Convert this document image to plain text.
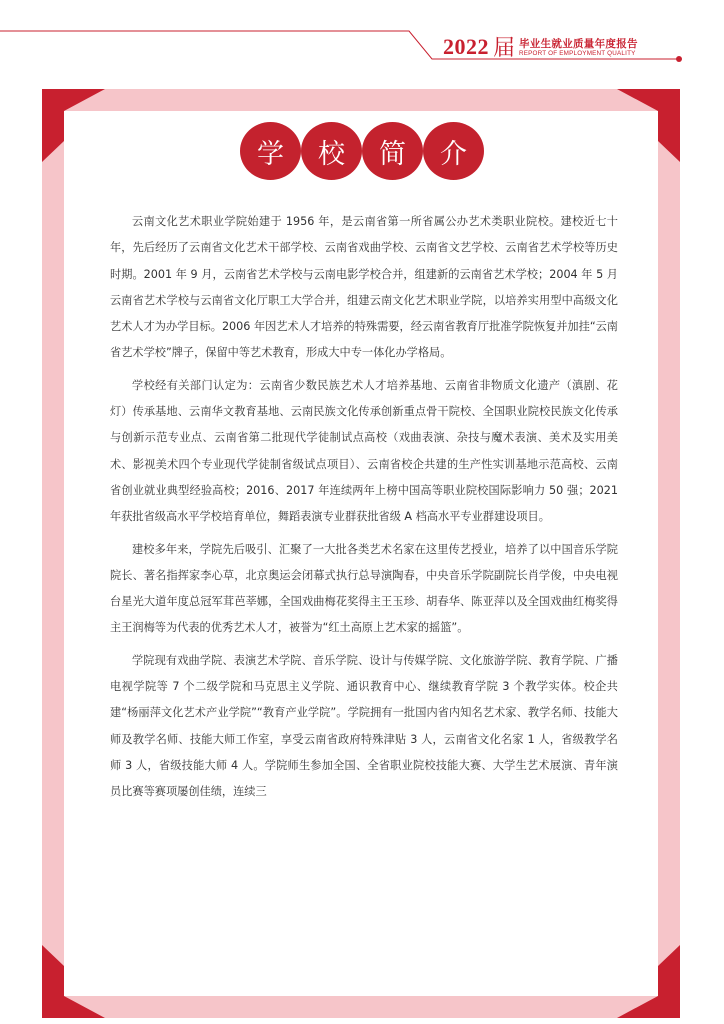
2022 届 毕业生就业质量年度报告
REPORT OF EMPLOYMENT QUALITY
学	校	简	介

云南文化艺术职业学院始建于 1956 年，是云南省第一所省属公办艺术类职业院校。建校近七十年，先后经历了云南省文化艺术干部学校、云南省戏曲学校、云南省文艺学校、云南省艺术学校等历史时期。2001 年 9 月，云南省艺术学校与云南电影学校合并，组建新的云南省艺术学校；2004 年 5 月云南省艺术学校与云南省文化厅职工大学合并，组建云南文化艺术职业学院，以培养实用型中高级文化艺术人才为办学目标。2006 年因艺术人才培养的特殊需要，经云南省教育厅批准学院恢复并加挂“云南省艺术学校”牌子，保留中等艺术教育，形成大中专一体化办学格局。

学校经有关部门认定为：云南省少数民族艺术人才培养基地、云南省非物质文化遗产（滇剧、花灯）传承基地、云南华文教育基地、云南民族文化传承创新重点骨干院校、全国职业院校民族文化传承与创新示范专业点、云南省第二批现代学徒制试点高校（戏曲表演、杂技与魔术表演、美术及实用美术、影视美术四个专业现代学徒制省级试点项目）、云南省校企共建的生产性实训基地示范高校、云南省创业就业典型经验高校；2016、2017 年连续两年上榜中国高等职业院校国际影响力 50 强；2021 年获批省级高水平学校培育单位，舞蹈表演专业群获批省级 A 档高水平专业群建设项目。

建校多年来，学院先后吸引、汇聚了一大批各类艺术名家在这里传艺授业，培养了以中国音乐学院院长、著名指挥家李心草，北京奥运会闭幕式执行总导演陶春，中央音乐学院副院长肖学俊，中央电视台星光大道年度总冠军茸芭莘娜，全国戏曲梅花奖得主王玉珍、胡春华、陈亚萍以及全国戏曲红梅奖得主王润梅等为代表的优秀艺术人才，被誉为“红土高原上艺术家的摇篮”。

学院现有戏曲学院、表演艺术学院、音乐学院、设计与传媒学院、文化旅游学院、教育学院、广播电视学院等 7 个二级学院和马克思主义学院、通识教育中心、继续教育学院 3 个教学实体。校企共建“杨丽萍文化艺术产业学院”“教育产业学院”。学院拥有一批国内省内知名艺术家、教学名师、技能大师及教学名师、技能大师工作室，享受云南省政府特殊津贴 3 人，云南省文化名家 1 人，省级教学名师 3 人，省级技能大师 4 人。学院师生参加全国、全省职业院校技能大赛、大学生艺术展演、青年演员比赛等赛项屡创佳绩，连续三
